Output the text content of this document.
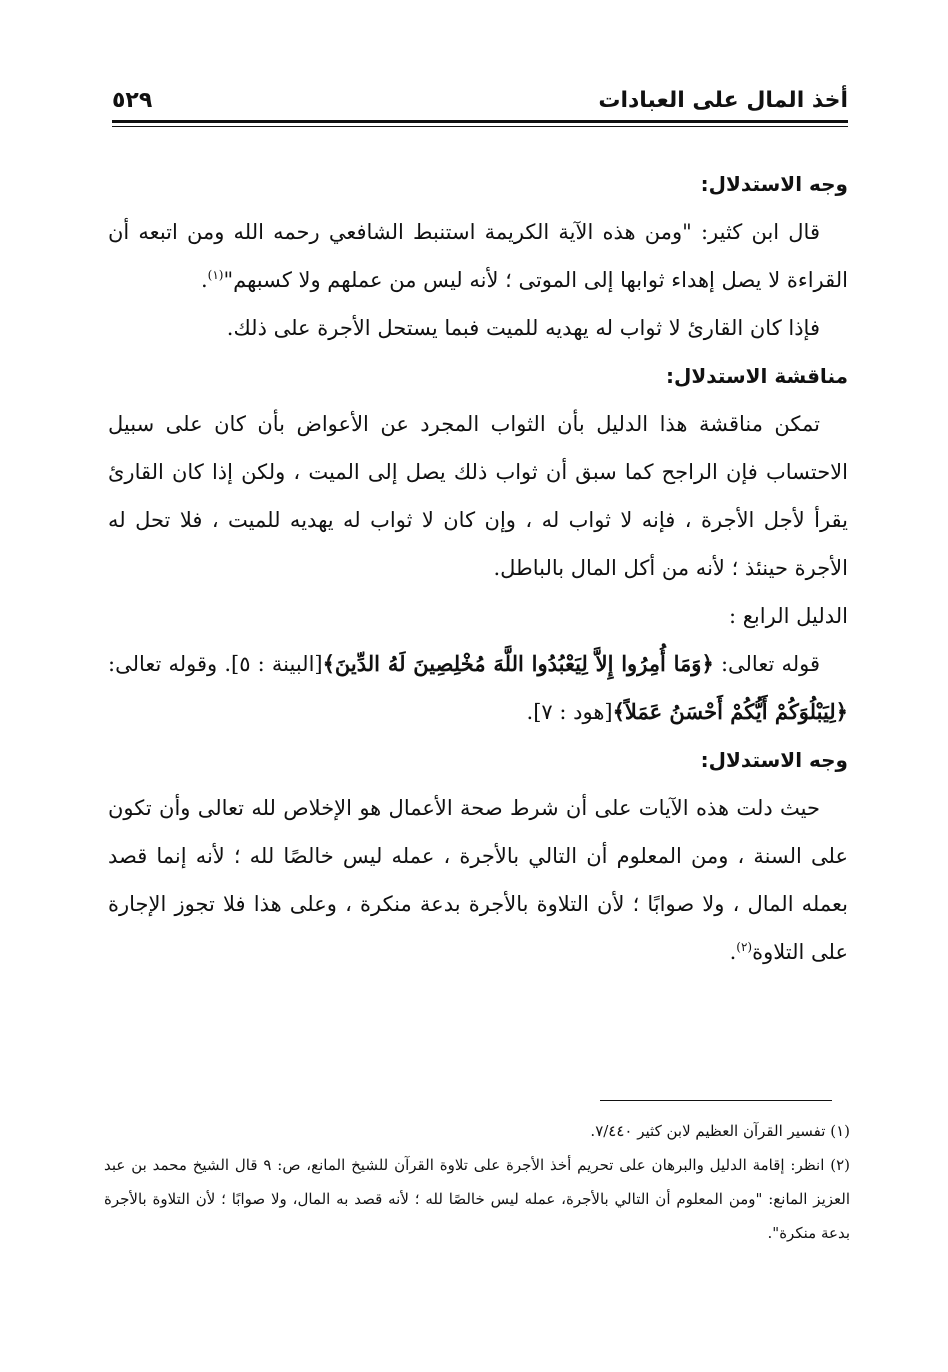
أخذ المال على العبادات
٥٢٩

وجه الاستدلال:

قال ابن كثير: "ومن هذه الآية الكريمة استنبط الشافعي رحمه الله ومن اتبعه أن القراءة لا يصل إهداء ثوابها إلى الموتى ؛ لأنه ليس من عملهم ولا كسبهم"$^{(١)}$.

فإذا كان القارئ لا ثواب له يهديه للميت فبما يستحل الأجرة على ذلك.

مناقشة الاستدلال:

تمكن مناقشة هذا الدليل بأن الثواب المجرد عن الأعواض بأن كان على سبيل الاحتساب فإن الراجح كما سبق أن ثواب ذلك يصل إلى الميت ، ولكن إذا كان القارئ يقرأ لأجل الأجرة ، فإنه لا ثواب له ، وإن كان لا ثواب له يهديه للميت ، فلا تحل له الأجرة حينئذ ؛ لأنه من أكل المال بالباطل.

الدليل الرابع :

قوله تعالى: ﴿وَمَا أُمِرُوا إِلاَّ لِيَعْبُدُوا اللَّهَ مُخْلِصِينَ لَهُ الدِّينَ﴾[البينة : ٥]. وقوله تعالى: ﴿لِيَبْلُوَكُمْ أَيُّكُمْ أَحْسَنُ عَمَلاً﴾[هود : ٧].

وجه الاستدلال:

حيث دلت هذه الآيات على أن شرط صحة الأعمال هو الإخلاص لله تعالى وأن تكون على السنة ، ومن المعلوم أن التالي بالأجرة ، عمله ليس خالصًا لله ؛ لأنه إنما قصد بعمله المال ، ولا صوابًا ؛ لأن التلاوة بالأجرة بدعة منكرة ، وعلى هذا فلا تجوز الإجارة على التلاوة$^{(٢)}$.

(١) تفسير القرآن العظيم لابن كثير ٧/٤٤٠.

(٢) انظر: إقامة الدليل والبرهان على تحريم أخذ الأجرة على تلاوة القرآن للشيخ المانع، ص: ٩ قال الشيخ محمد بن عبد العزيز المانع: "ومن المعلوم أن التالي بالأجرة، عمله ليس خالصًا لله ؛ لأنه قصد به المال، ولا صوابًا ؛ لأن التلاوة بالأجرة بدعة منكرة".
